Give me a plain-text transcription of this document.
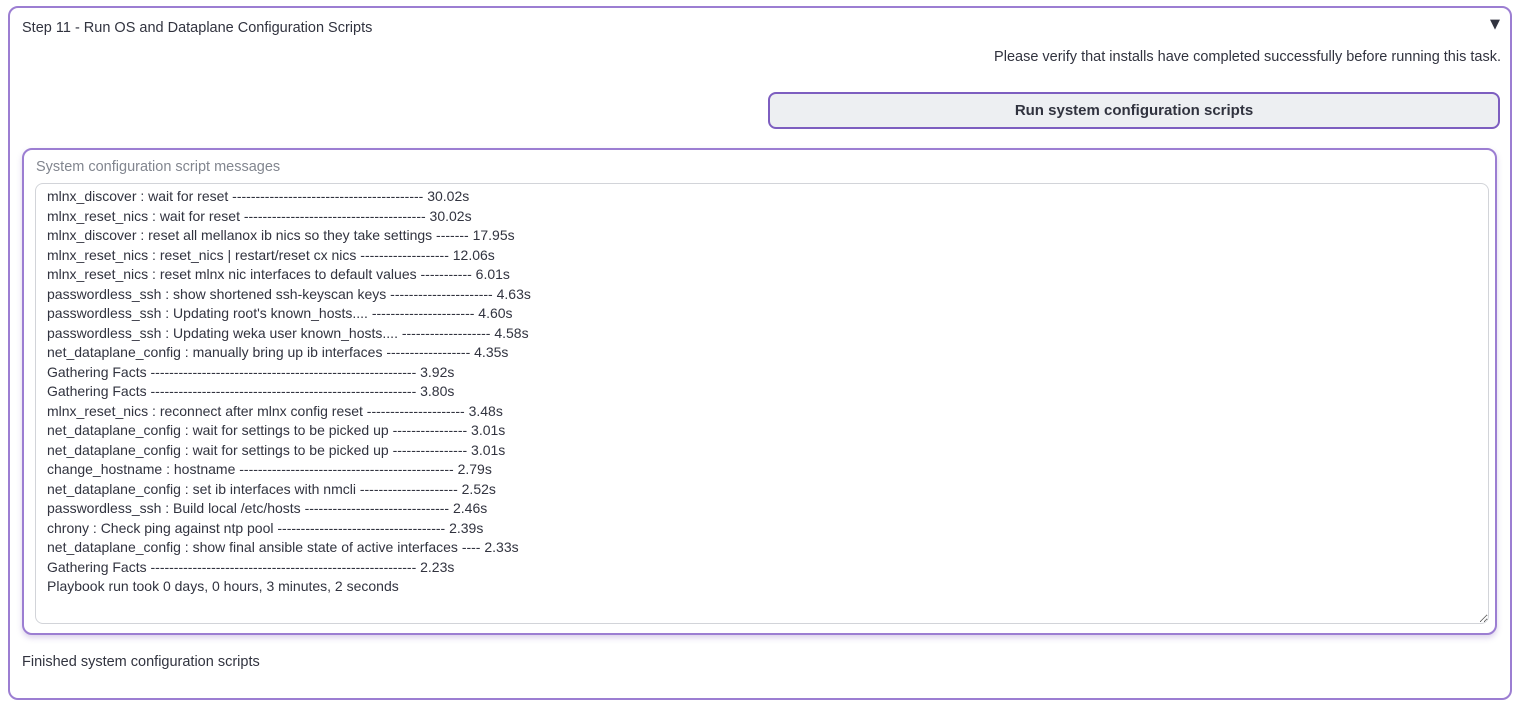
Step 11 - Run OS and Dataplane Configuration Scripts	▼
Please verify that installs have completed successfully before running this task.
Run system configuration scripts
System configuration script messages
mlnx_discover : wait for reset ----------------------------------------- 30.02s mlnx_reset_nics : wait for reset --------------------------------------- 30.02s mlnx_discover : reset all mellanox ib nics so they take settings ------- 17.95s mlnx_reset_nics : reset_nics | restart/reset cx nics ------------------- 12.06s mlnx_reset_nics : reset mlnx nic interfaces to default values ----------- 6.01s passwordless_ssh : show shortened ssh-keyscan keys ---------------------- 4.63s passwordless_ssh : Updating root's known_hosts.... ---------------------- 4.60s passwordless_ssh : Updating weka user known_hosts.... ------------------- 4.58s net_dataplane_config : manually bring up ib interfaces ------------------ 4.35s Gathering Facts --------------------------------------------------------- 3.92s Gathering Facts --------------------------------------------------------- 3.80s mlnx_reset_nics : reconnect after mlnx config reset --------------------- 3.48s net_dataplane_config : wait for settings to be picked up ---------------- 3.01s net_dataplane_config : wait for settings to be picked up ---------------- 3.01s change_hostname : hostname ---------------------------------------------- 2.79s net_dataplane_config : set ib interfaces with nmcli --------------------- 2.52s passwordless_ssh : Build local /etc/hosts ------------------------------- 2.46s chrony : Check ping against ntp pool ------------------------------------ 2.39s net_dataplane_config : show final ansible state of active interfaces ---- 2.33s Gathering Facts --------------------------------------------------------- 2.23s Playbook run took 0 days, 0 hours, 3 minutes, 2 seconds
Finished system configuration scripts
